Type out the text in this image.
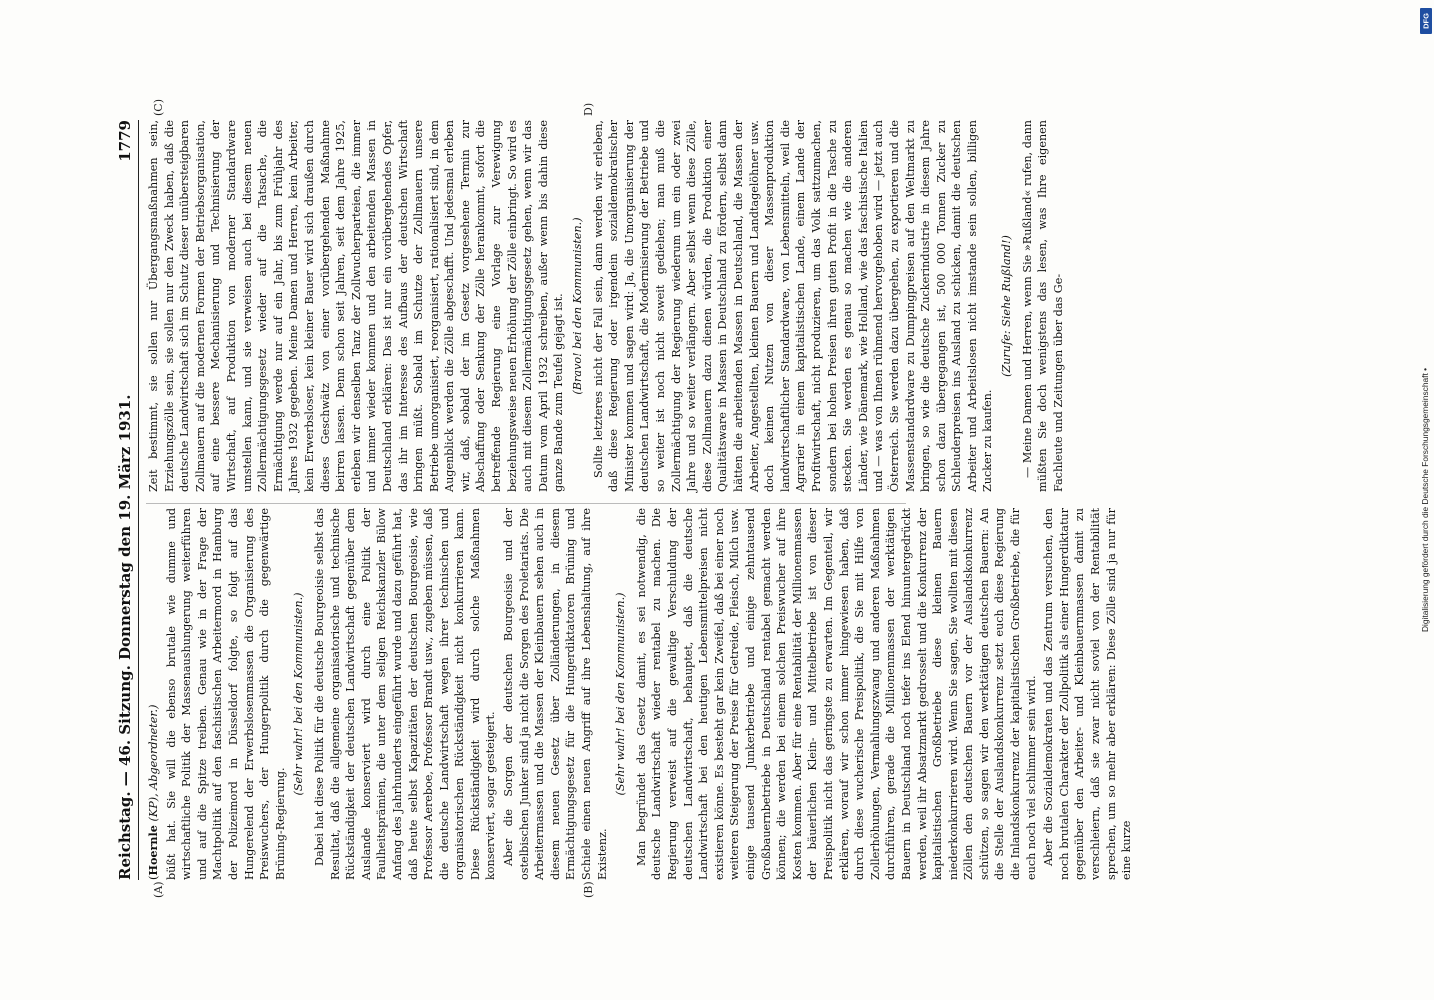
Reichstag. — 46. Sitzung. Donnerstag den 19. März 1931.
1779

(Hoernle (KP), Abgeordneter.) büßt hat. Sie will die ebenso brutale wie dumme und wirtschaftliche Politik der Massenaushungerung weiterführen und auf die Spitze treiben. Genau wie in der Frage der Machtpolitik auf den faschistischen Arbeitermord in Hamburg der Polizeimord in Düsseldorf folgte, so folgt auf das Hungerelend der Erwerbslosenmassen die Organisierung des Preiswuchers, der Hungerpolitik durch die gegenwärtige Brüning-Regierung.

(Sehr wahr! bei den Kommunisten.) Dabei hat diese Politik für die deutsche Bourgeoisie selbst das Resultat, daß die allgemeine organisatorische und technische Rückständigkeit der deutschen Landwirtschaft gegenüber dem Auslande konserviert wird durch eine Politik der Faulheitsprämien, die unter dem seligen Reichskanzler Bülow Anfang des Jahrhunderts eingeführt wurde und dazu geführt hat, daß heute selbst Kapazitäten der deutschen Bourgeoisie, wie Professor Aereboe, Professor Brandt usw., zugeben müssen, daß die deutsche Landwirtschaft wegen ihrer technischen und organisatorischen Rückständigkeit nicht konkurrieren kann. Diese Rückständigkeit wird durch solche Maßnahmen konserviert, sogar gesteigert. Aber die Sorgen der deutschen Bourgeoisie und der ostelbischen Junker sind ja nicht die Sorgen des Proletariats. Die Arbeitermassen und die Massen der Kleinbauern sehen auch in diesem neuen Gesetz über Zolländerungen, in diesem Ermächtigungsgesetz für die Hungerdiktatoren Brüning und Schiele einen neuen Angriff auf ihre Lebenshaltung, auf ihre Existenz.

(Sehr wahr! bei den Kommunisten.) Man begründet das Gesetz damit, es sei notwendig, die deutsche Landwirtschaft wieder rentabel zu machen. Die Regierung verweist auf die gewaltige Verschuldung der deutschen Landwirtschaft, behauptet, daß die deutsche Landwirtschaft bei den heutigen Lebensmittelpreisen nicht existieren könne. Es besteht gar kein Zweifel, daß bei einer noch weiteren Steigerung der Preise für Getreide, Fleisch, Milch usw. einige tausend Junkerbetriebe und einige zehntausend Großbauernbetriebe in Deutschland rentabel gemacht werden können; die werden bei einem solchen Preiswucher auf ihre Kosten kommen. Aber für eine Rentabilität der Millionenmassen der bäuerlichen Klein- und Mittelbetriebe ist von dieser Preispolitik nicht das geringste zu erwarten. Im Gegenteil, wir erklären, worauf wir schon immer hingewiesen haben, daß durch diese wucherische Preispolitik, die Sie mit Hilfe von Zollerhöhungen, Vermahlungszwang und anderen Maßnahmen durchführen, gerade die Millionenmassen der werktätigen Bauern in Deutschland noch tiefer ins Elend hinuntergedrückt werden, weil ihr Absatzmarkt gedrosselt und die Konkurrenz der kapitalistischen Großbetriebe diese kleinen Bauern niederkonkurrieren wird. Wenn Sie sagen, Sie wollten mit diesen Zöllen den deutschen Bauern vor der Auslandskonkurrenz schützen, so sagen wir den werktätigen deutschen Bauern: An die Stelle der Auslandskonkurrenz setzt euch diese Regierung die Inlandskonkurrenz der kapitalistischen Großbetriebe, die für euch noch viel schlimmer sein wird. Aber die Sozialdemokraten und das Zentrum versuchen, den noch brutalen Charakter der Zollpolitik als einer Hungerdiktatur gegenüber den Arbeiter- und Kleinbauernmassen damit zu verschleiern, daß sie zwar nicht soviel von der Rentabilität sprechen, um so mehr aber erklären: Diese Zölle sind ja nur für eine kurze

Zeit bestimmt, sie sollen nur Übergangsmaßnahmen sein, Erziehungszölle sein, sie sollen nur den Zweck haben, daß die deutsche Landwirtschaft sich im Schutz dieser unübersteigbaren Zollmauern auf die modernen Formen der Betriebsorganisation, auf eine bessere Mechanisierung und Technisierung der Wirtschaft, auf Produktion von moderner Standardware umstellen kann, und sie verweisen auch bei diesem neuen Zollermächtigungsgesetz wieder auf die Tatsache, die Ermächtigung werde nur auf ein Jahr, bis zum Frühjahr des Jahres 1932 gegeben. Meine Damen und Herren, kein Arbeiter, kein Erwerbsloser, kein kleiner Bauer wird sich draußen durch dieses Geschwätz von einer vorübergehenden Maßnahme beirren lassen. Denn schon seit Jahren, seit dem Jahre 1925, erleben wir denselben Tanz der Zollwucherparteien, die immer und immer wieder kommen und den arbeitenden Massen in Deutschland erklären: Das ist nur ein vorübergehendes Opfer, das ihr im Interesse des Aufbaus der deutschen Wirtschaft bringen müßt. Sobald im Schutze der Zollmauern unsere Betriebe umorganisiert, reorganisiert, rationalisiert sind, in dem Augenblick werden die Zölle abgeschafft. Und jedesmal erleben wir, daß, sobald der im Gesetz vorgesehene Termin zur Abschaffung oder Senkung der Zölle herankommt, sofort die betreffende Regierung eine Vorlage zur Verewigung beziehungsweise neuen Erhöhung der Zölle einbringt. So wird es auch mit diesem Zollermächtigungsgesetz gehen, wenn wir das Datum vom April 1932 schreiben, außer wenn bis dahin diese ganze Bande zum Teufel gejagt ist. (Bravo! bei den Kommunisten.) Sollte letzteres nicht der Fall sein, dann werden wir erleben, daß diese Regierung oder irgendein sozialdemokratischer Minister kommen und sagen wird: Ja, die Umorganisierung der deutschen Landwirtschaft, die Modernisierung der Betriebe und so weiter ist noch nicht soweit gediehen; man muß die Zollermächtigung der Regierung wiederum um ein oder zwei Jahre und so weiter verlängern. Aber selbst wenn diese Zölle, diese Zollmauern dazu dienen würden, die Produktion einer Qualitätsware in Massen in Deutschland zu fördern, selbst dann hätten die arbeitenden Massen in Deutschland, die Massen der Arbeiter, Angestellten, kleinen Bauern und Landtagelöhner usw. doch keinen Nutzen von dieser Massenproduktion landwirtschaftlicher Standardware, von Lebensmitteln, weil die Agrarier in einem kapitalistischen Lande, einem Lande der Profitwirtschaft, nicht produzieren, um das Volk sattzumachen, sondern bei hohen Preisen ihren guten Profit in die Tasche zu stecken. Sie werden es genau so machen wie die anderen Länder, wie Dänemark, wie Holland, wie das faschistische Italien und — was von Ihnen rühmend hervorgehoben wird — jetzt auch Österreich. Sie werden dazu übergehen, zu exportieren und die Massenstandardware zu Dumpingpreisen auf den Weltmarkt zu bringen, so wie die deutsche Zuckerindustrie in diesem Jahre schon dazu übergegangen ist, 500 000 Tonnen Zucker zu Schleuderpreisen ins Ausland zu schicken, damit die deutschen Arbeiter und Arbeitslosen nicht imstande sein sollen, billigen Zucker zu kaufen.

(Zurufe: Siehe Rußland!) — Meine Damen und Herren, wenn Sie »Rußland« rufen, dann müßten Sie doch wenigstens das lesen, was Ihre eigenen Fachleute und Zeitungen über das Ge-

(A)	(B)
(C)	D)
DFG
Digitalisierung gefördert durch die Deutsche Forschungsgemeinschaft •
